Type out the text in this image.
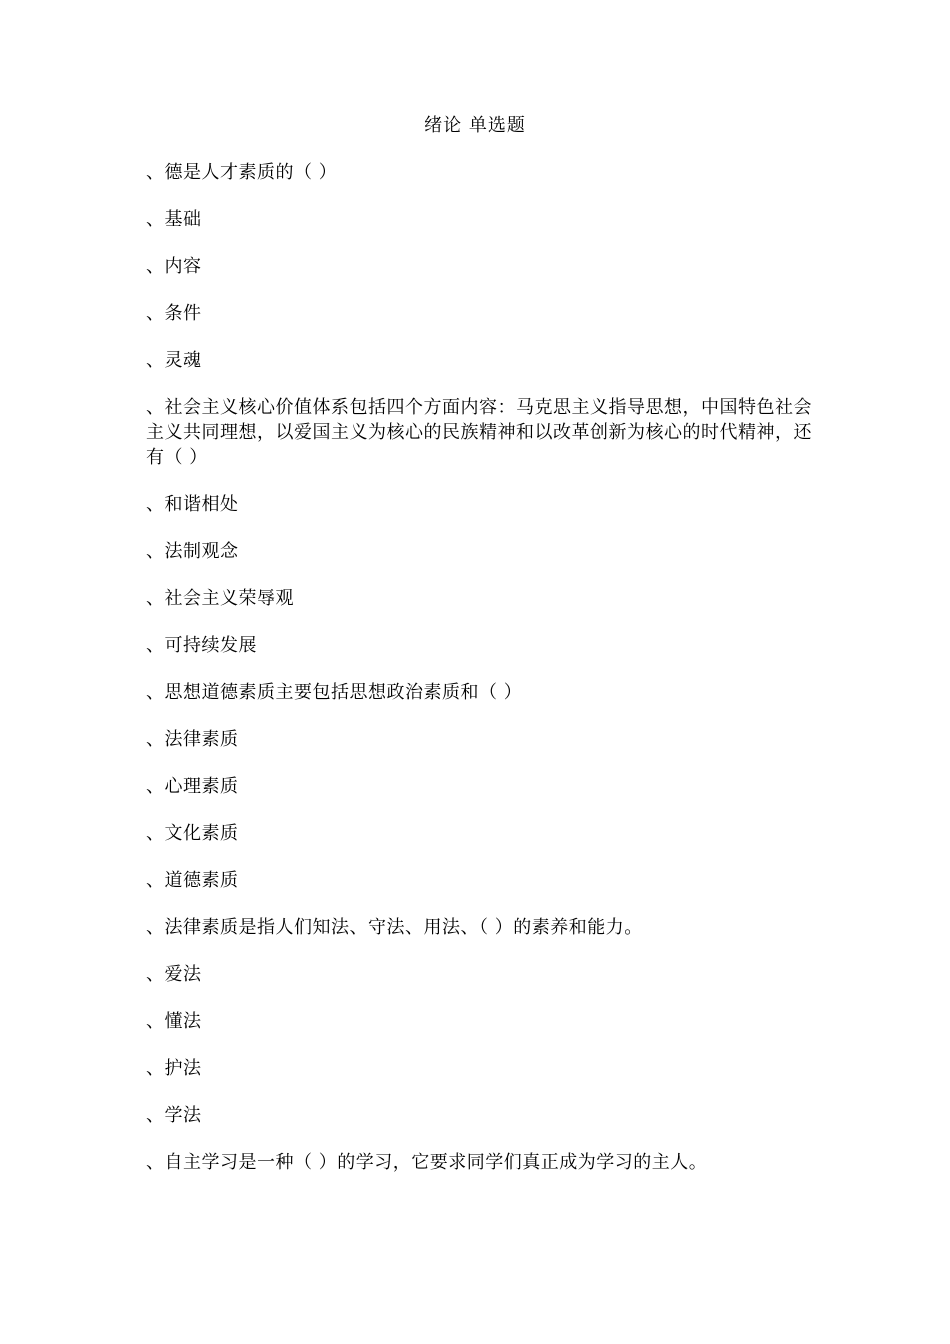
绪论 单选题
、德是人才素质的（ ）
、基础
、内容
、条件
、灵魂
、社会主义核心价值体系包括四个方面内容：马克思主义指导思想，中国特色社会主义共同理想，以爱国主义为核心的民族精神和以改革创新为核心的时代精神，还有（ ）
、和谐相处
、法制观念
、社会主义荣辱观
、可持续发展
、思想道德素质主要包括思想政治素质和（ ）
、法律素质
、心理素质
、文化素质
、道德素质
、法律素质是指人们知法、守法、用法、（ ）的素养和能力。
、爱法
、懂法
、护法
、学法
、自主学习是一种（ ）的学习，它要求同学们真正成为学习的主人。
